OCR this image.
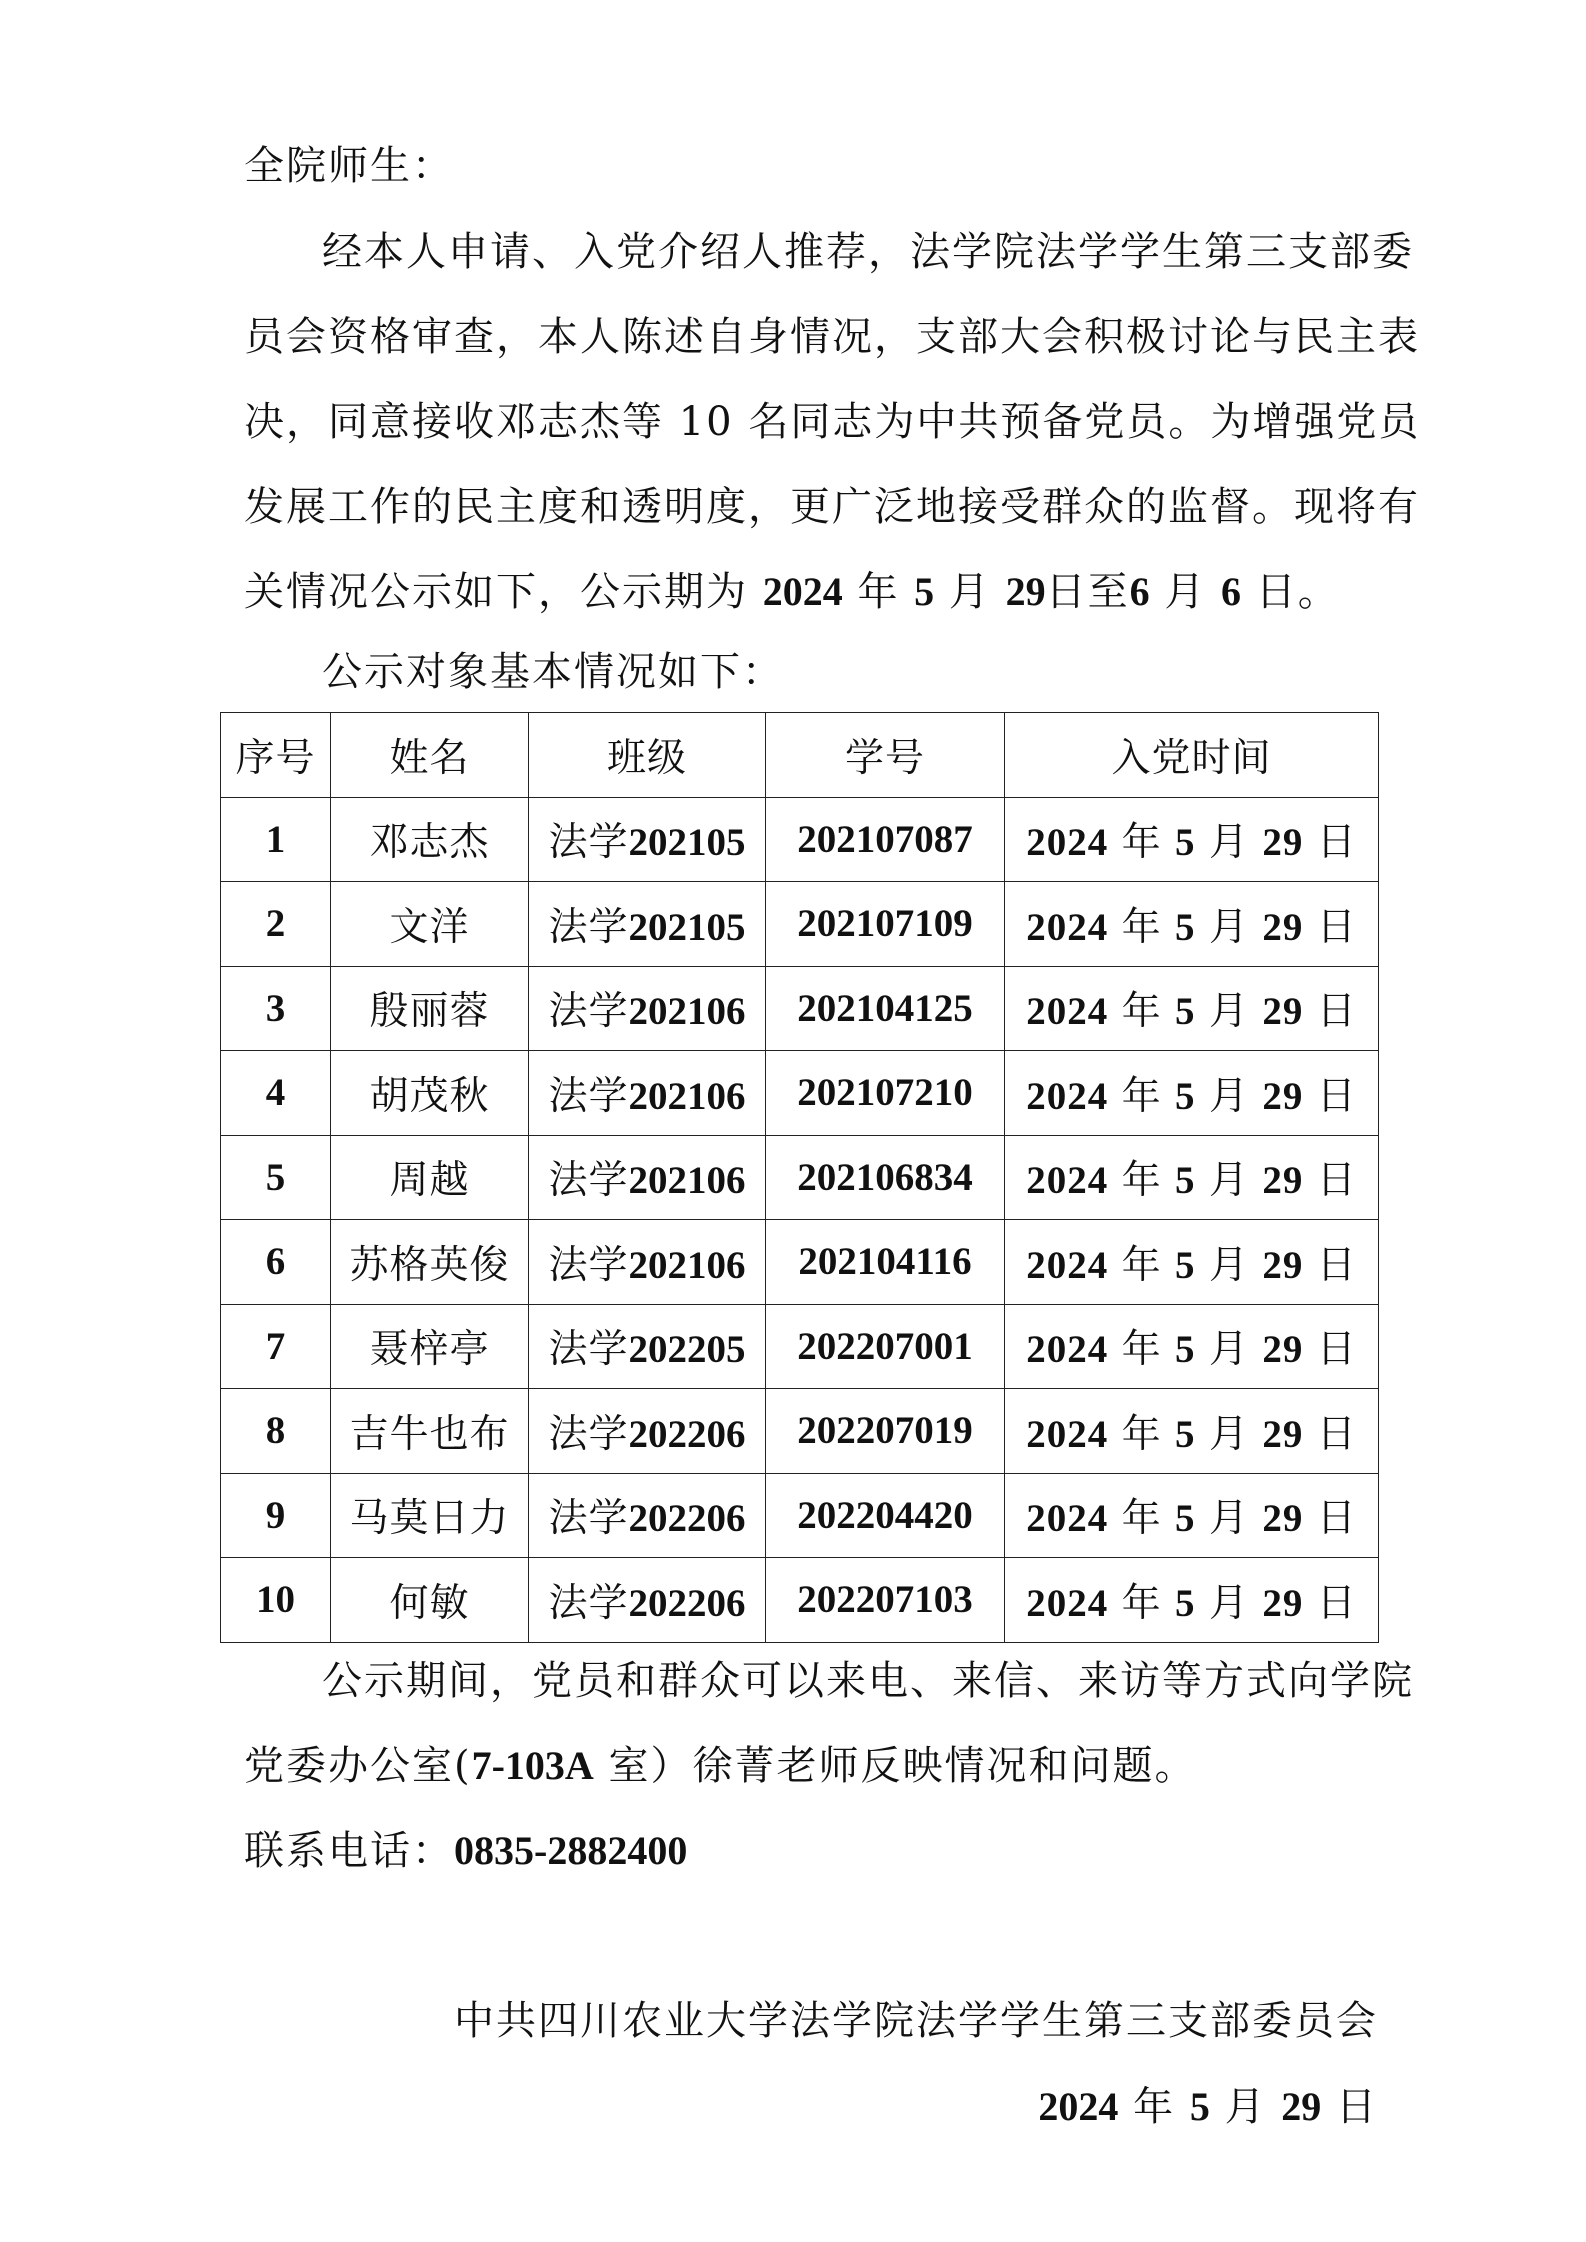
全院师生：
经本人申请、入党介绍人推荐，法学院法学学生第三支部委
员会资格审查，本人陈述自身情况，支部大会积极讨论与民主表
决，同意接收邓志杰等 10 名同志为中共预备党员。为增强党员
发展工作的民主度和透明度，更广泛地接受群众的监督。现将有
关情况公示如下，公示期为 2024 年 5 月 29日至6 月 6 日。
公示对象基本情况如下：
序号	姓名	班级	学号	入党时间
1	邓志杰	法学202105	202107087	2024 年 5 月 29 日
2	文洋	法学202105	202107109	2024 年 5 月 29 日
3	殷丽蓉	法学202106	202104125	2024 年 5 月 29 日
4	胡茂秋	法学202106	202107210	2024 年 5 月 29 日
5	周越	法学202106	202106834	2024 年 5 月 29 日
6	苏格英俊	法学202106	202104116	2024 年 5 月 29 日
7	聂梓亭	法学202205	202207001	2024 年 5 月 29 日
8	吉牛也布	法学202206	202207019	2024 年 5 月 29 日
9	马莫日力	法学202206	202204420	2024 年 5 月 29 日
10	何敏	法学202206	202207103	2024 年 5 月 29 日
公示期间，党员和群众可以来电、来信、来访等方式向学院
党委办公室(7-103A 室）徐菁老师反映情况和问题。
联系电话：0835-2882400
中共四川农业大学法学院法学学生第三支部委员会
2024 年 5 月 29 日
